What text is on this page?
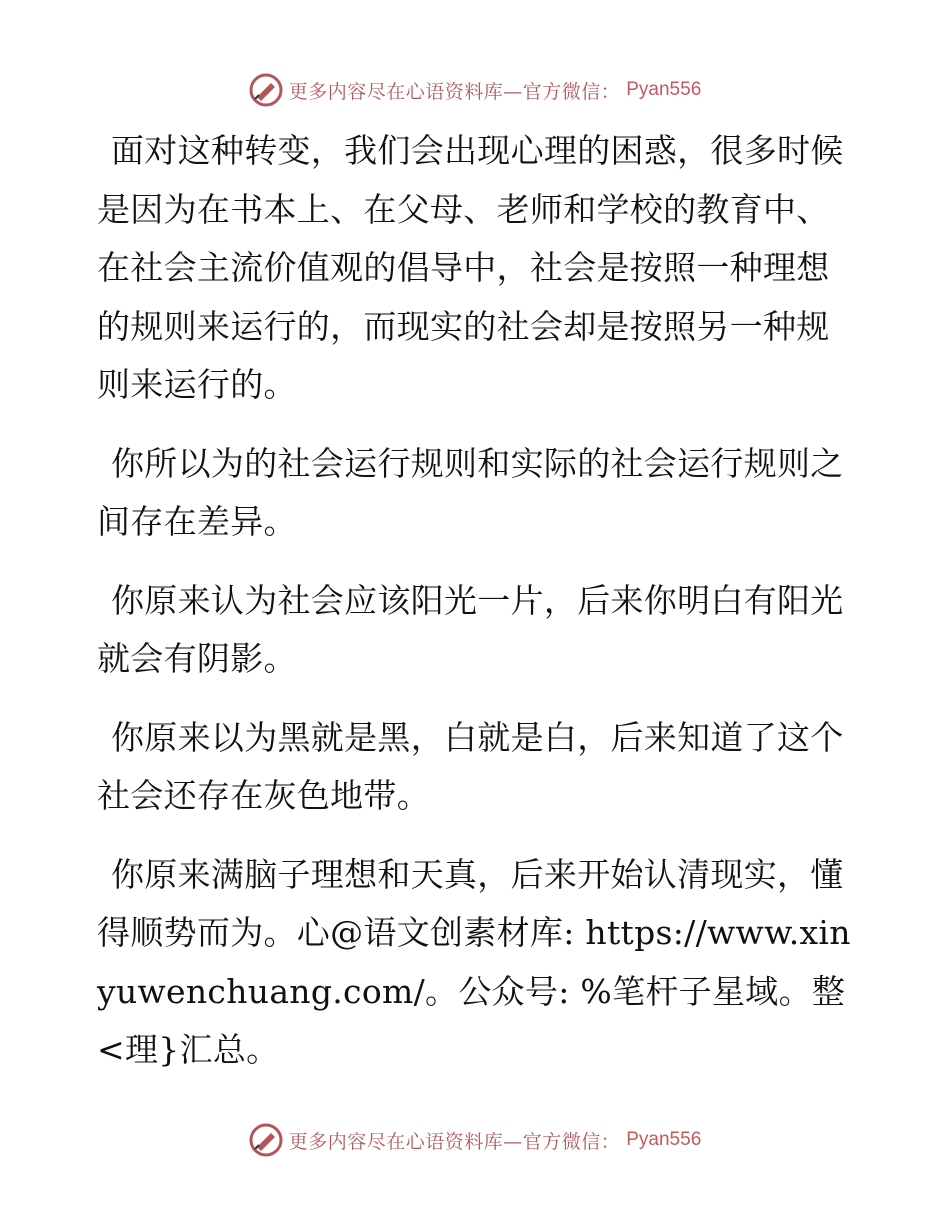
更多内容尽在心语资料库—官方微信： Pyan556

面对这种转变，我们会出现心理的困惑，很多时候是因为在书本上、在父母、老师和学校的教育中、在社会主流价值观的倡导中，社会是按照一种理想的规则来运行的，而现实的社会却是按照另一种规则来运行的。

你所以为的社会运行规则和实际的社会运行规则之间存在差异。

你原来认为社会应该阳光一片，后来你明白有阳光就会有阴影。

你原来以为黑就是黑，白就是白，后来知道了这个社会还存在灰色地带。

你原来满脑子理想和天真，后来开始认清现实，懂得顺势而为。心@语文创素材库: https://www.xinyuwenchuang.com/。公众号: %笔杆子星域。整<理}汇总。

更多内容尽在心语资料库—官方微信： Pyan556
